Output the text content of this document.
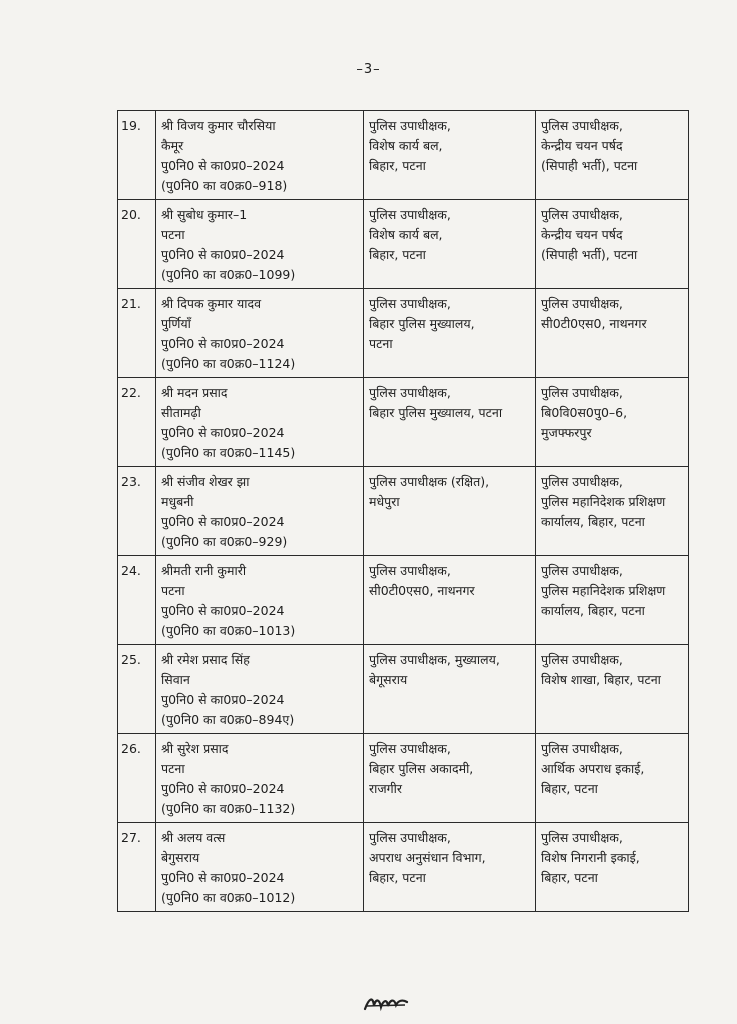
–3–
19.	श्री विजय कुमार चौरसिया
कैमूर
पु0नि0 से का0प्र0–2024
(पु0नि0 का व0क्र0–918)	पुलिस उपाधीक्षक,
विशेष कार्य बल,
बिहार, पटना	पुलिस उपाधीक्षक,
केन्द्रीय चयन पर्षद
(सिपाही भर्ती), पटना

20.	श्री सुबोध कुमार–1
पटना
पु0नि0 से का0प्र0–2024
(पु0नि0 का व0क्र0–1099)	पुलिस उपाधीक्षक,
विशेष कार्य बल,
बिहार, पटना	पुलिस उपाधीक्षक,
केन्द्रीय चयन पर्षद
(सिपाही भर्ती), पटना

21.	श्री दिपक कुमार यादव
पुर्णियाँ
पु0नि0 से का0प्र0–2024
(पु0नि0 का व0क्र0–1124)	पुलिस उपाधीक्षक,
बिहार पुलिस मुख्यालय,
पटना	पुलिस उपाधीक्षक,
सी0टी0एस0, नाथनगर

22.	श्री मदन प्रसाद
सीतामढ़ी
पु0नि0 से का0प्र0–2024
(पु0नि0 का व0क्र0–1145)	पुलिस उपाधीक्षक,
बिहार पुलिस मुख्यालय, पटना	पुलिस उपाधीक्षक,
बि0वि0स0पु0–6,
मुजफ्फरपुर

23.	श्री संजीव शेखर झा
मधुबनी
पु0नि0 से का0प्र0–2024
(पु0नि0 का व0क्र0–929)	पुलिस उपाधीक्षक (रक्षित),
मधेपुरा	पुलिस उपाधीक्षक,
पुलिस महानिदेशक प्रशिक्षण
कार्यालय, बिहार, पटना

24.	श्रीमती रानी कुमारी
पटना
पु0नि0 से का0प्र0–2024
(पु0नि0 का व0क्र0–1013)	पुलिस उपाधीक्षक,
सी0टी0एस0, नाथनगर	पुलिस उपाधीक्षक,
पुलिस महानिदेशक प्रशिक्षण
कार्यालय, बिहार, पटना

25.	श्री रमेश प्रसाद सिंह
सिवान
पु0नि0 से का0प्र0–2024
(पु0नि0 का व0क्र0–894ए)	पुलिस उपाधीक्षक, मुख्यालय,
बेगूसराय	पुलिस उपाधीक्षक,
विशेष शाखा, बिहार, पटना

26.	श्री सुरेश प्रसाद
पटना
पु0नि0 से का0प्र0–2024
(पु0नि0 का व0क्र0–1132)	पुलिस उपाधीक्षक,
बिहार पुलिस अकादमी,
राजगीर	पुलिस उपाधीक्षक,
आर्थिक अपराध इकाई,
बिहार, पटना

27.	श्री अलय वत्स
बेगुसराय
पु0नि0 से का0प्र0–2024
(पु0नि0 का व0क्र0–1012)	पुलिस उपाधीक्षक,
अपराध अनुसंधान विभाग,
बिहार, पटना	पुलिस उपाधीक्षक,
विशेष निगरानी इकाई,
बिहार, पटना
